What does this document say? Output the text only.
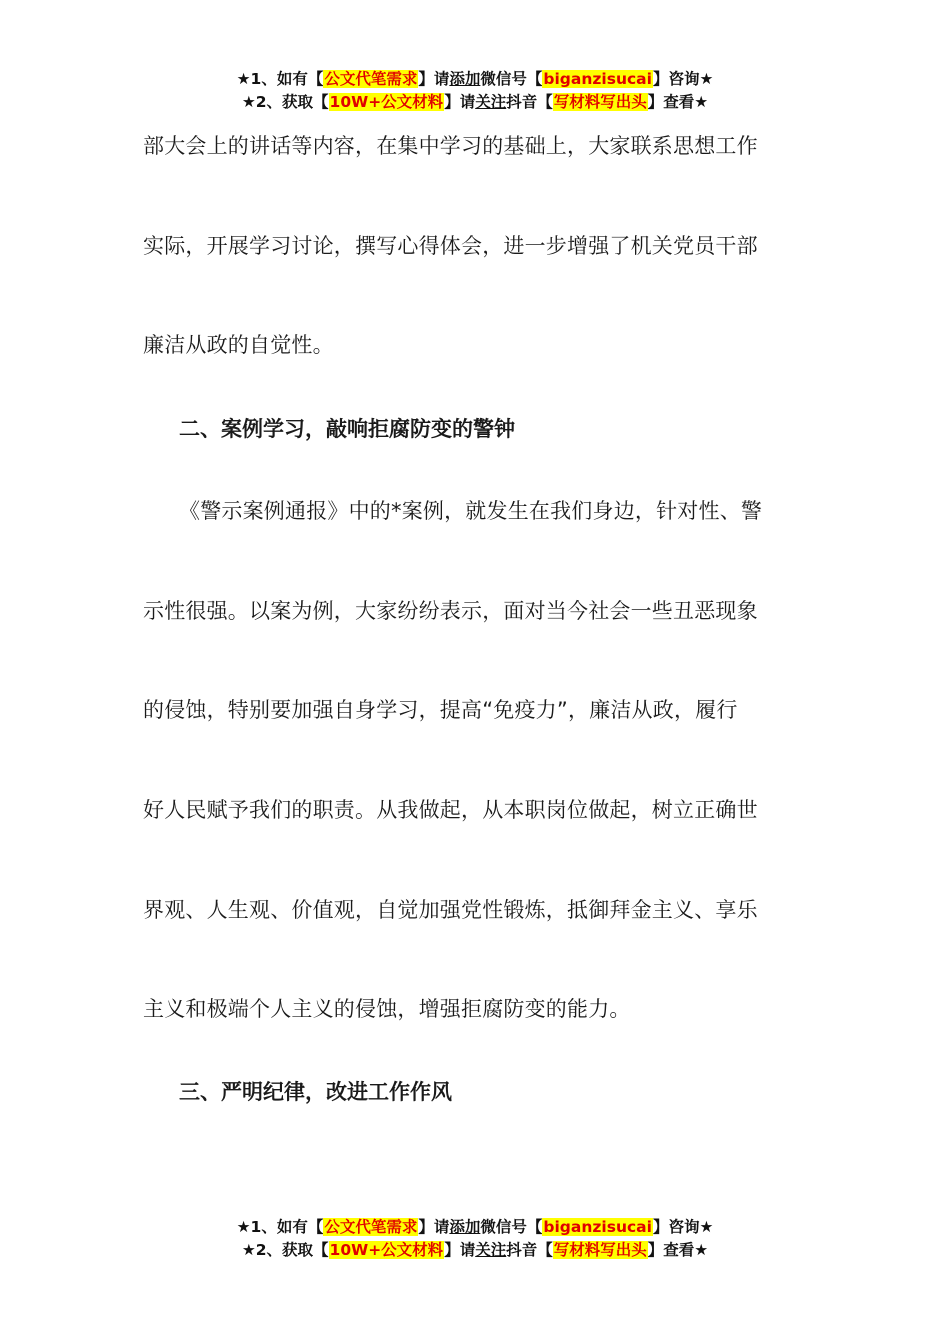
★1、如有【公文代笔需求】请添加微信号【biganzisucai】咨询★
★2、获取【10W+公文材料】请关注抖音【写材料写出头】查看★
部大会上的讲话等内容，在集中学习的基础上，大家联系思想工作
实际，开展学习讨论，撰写心得体会，进一步增强了机关党员干部
廉洁从政的自觉性。
二、案例学习，敲响拒腐防变的警钟
《警示案例通报》中的*案例，就发生在我们身边，针对性、警
示性很强。以案为例，大家纷纷表示，面对当今社会一些丑恶现象
的侵蚀，特别要加强自身学习，提高“免疫力”，廉洁从政，履行
好人民赋予我们的职责。从我做起，从本职岗位做起，树立正确世
界观、人生观、价值观，自觉加强党性锻炼，抵御拜金主义、享乐
主义和极端个人主义的侵蚀，增强拒腐防变的能力。
三、严明纪律，改进工作作风
★1、如有【公文代笔需求】请添加微信号【biganzisucai】咨询★
★2、获取【10W+公文材料】请关注抖音【写材料写出头】查看★
